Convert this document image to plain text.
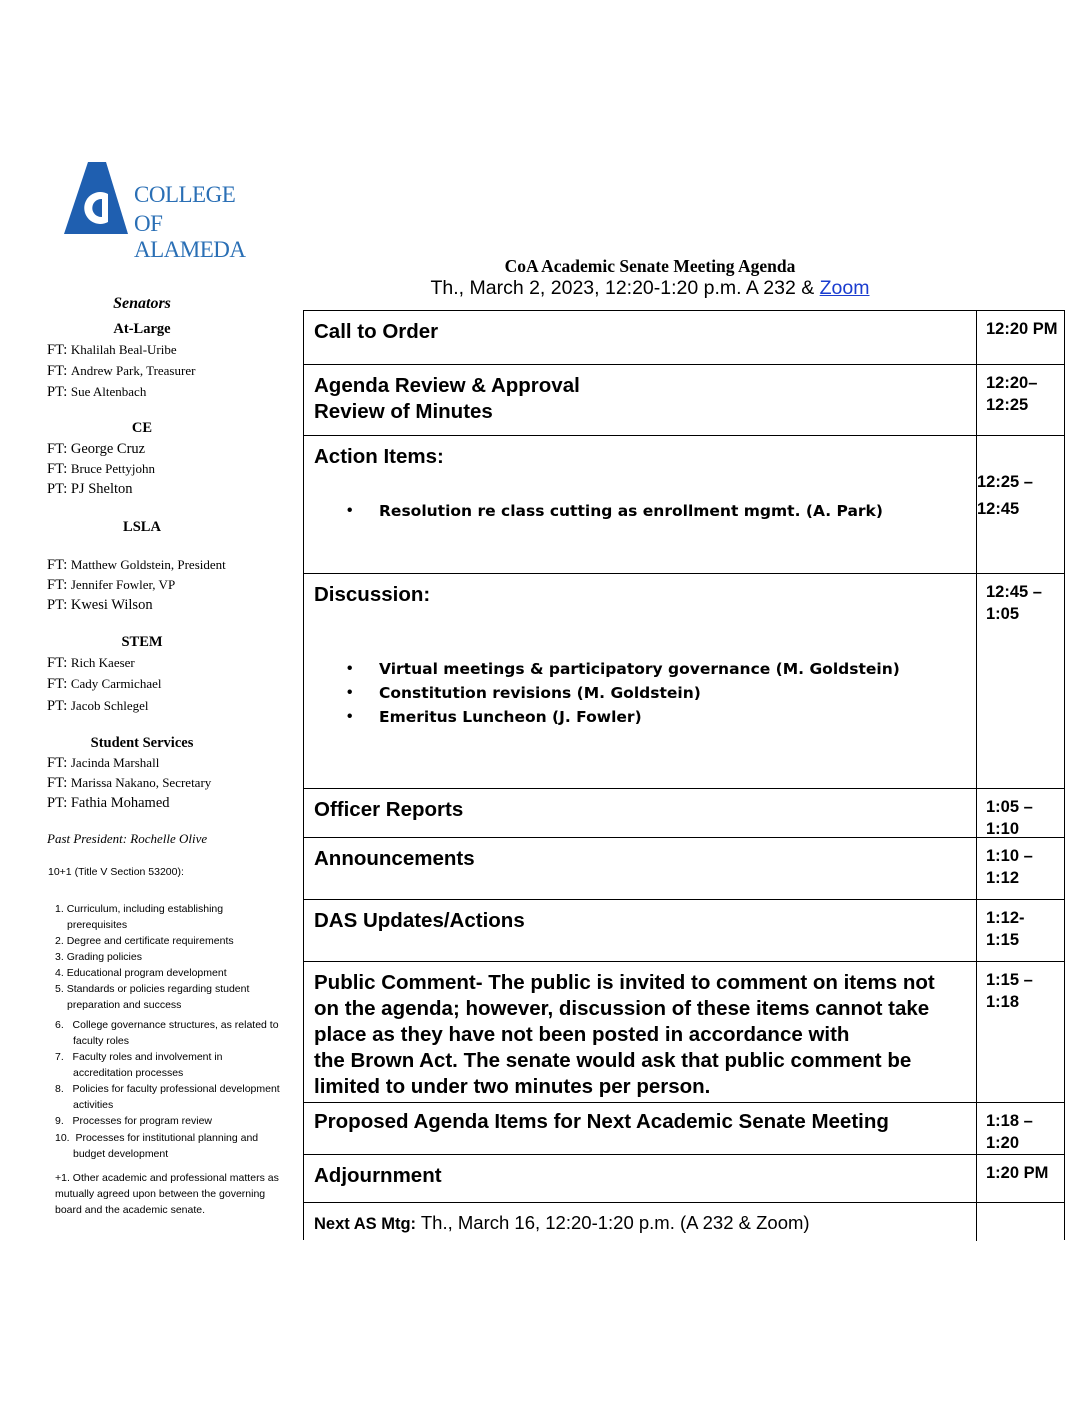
COLLEGE
OF ALAMEDA
CoA Academic Senate Meeting Agenda
Th., March 2, 2023, 12:20-1:20 p.m. A 232 & Zoom
Senators
At-Large
FT: Khalilah Beal-Uribe
FT: Andrew Park, Treasurer
PT: Sue Altenbach
CE
FT: George Cruz
FT: Bruce Pettyjohn
PT: PJ Shelton
LSLA
FT: Matthew Goldstein, President
FT: Jennifer Fowler, VP
PT: Kwesi Wilson
STEM
FT: Rich Kaeser
FT: Cady Carmichael
PT: Jacob Schlegel
Student Services
FT: Jacinda Marshall
FT: Marissa Nakano, Secretary
PT: Fathia Mohamed
Past President: Rochelle Olive
10+1 (Title V Section 53200):
1. Curriculum, including establishing
prerequisites
2. Degree and certificate requirements
3. Grading policies
4. Educational program development
5. Standards or policies regarding student
preparation and success
6. College governance structures, as related to
faculty roles
7. Faculty roles and involvement in
accreditation processes
8. Policies for faculty professional development
activities
9. Processes for program review
10. Processes for institutional planning and
budget development
+1. Other academic and professional matters as
mutually agreed upon between the governing
board and the academic senate.
Call to Order	12:20 PM
Agenda Review & Approval
Review of Minutes
12:20–
12:25
Action Items:
• Resolution re class cutting as enrollment mgmt. (A. Park)
12:25 –
12:45
Discussion:
• Virtual meetings & participatory governance (M. Goldstein)
• Constitution revisions (M. Goldstein)
• Emeritus Luncheon (J. Fowler)
12:45 –
1:05
Officer Reports	1:05 –
1:10
Announcements	1:10 –
1:12
DAS Updates/Actions	1:12-
1:15
Public Comment- The public is invited to comment on items not
on the agenda; however, discussion of these items cannot take
place as they have not been posted in accordance with
the Brown Act. The senate would ask that public comment be
limited to under two minutes per person.
1:15 –
1:18
Proposed Agenda Items for Next Academic Senate Meeting	1:18 –
1:20
Adjournment	1:20 PM
Next AS Mtg: Th., March 16, 12:20-1:20 p.m. (A 232 & Zoom)
